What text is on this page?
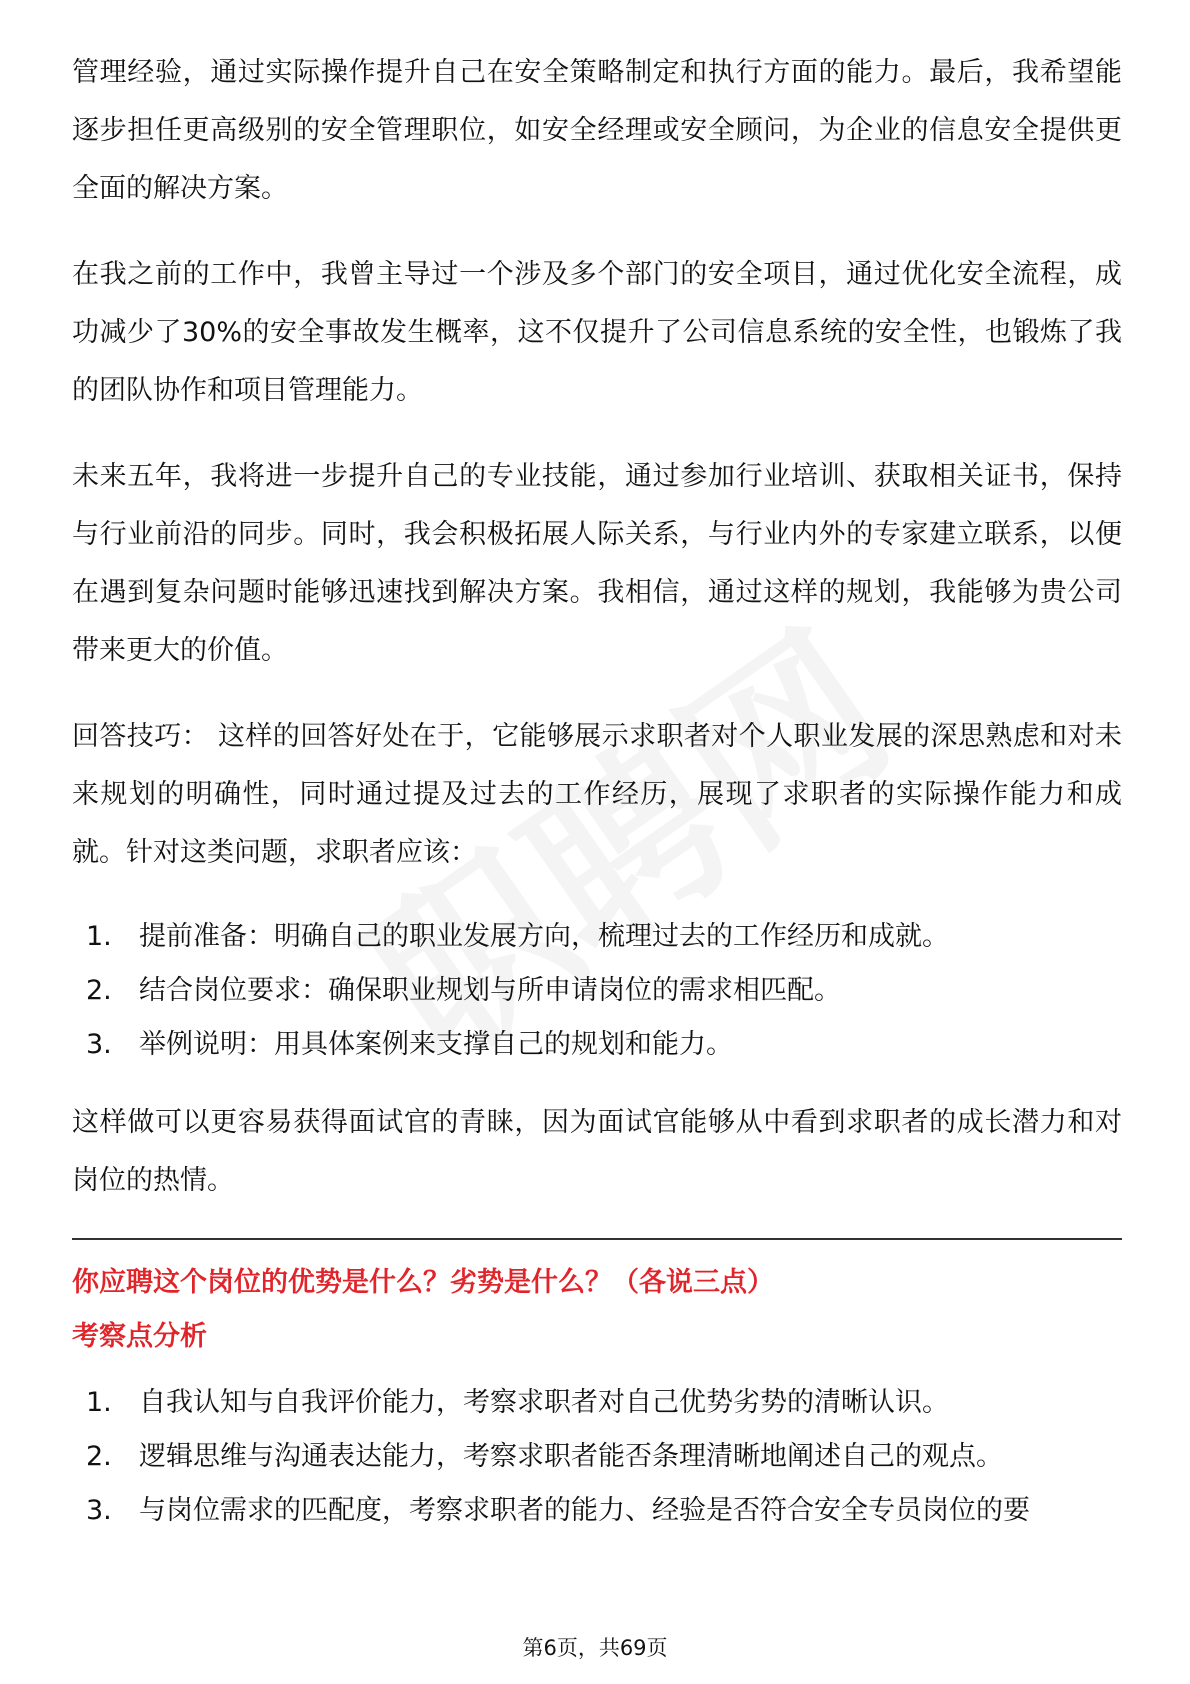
管理经验，通过实际操作提升自己在安全策略制定和执行方面的能力。最后，我希望能逐步担任更高级别的安全管理职位，如安全经理或安全顾问，为企业的信息安全提供更全面的解决方案。

在我之前的工作中，我曾主导过一个涉及多个部门的安全项目，通过优化安全流程，成功减少了30%的安全事故发生概率，这不仅提升了公司信息系统的安全性，也锻炼了我的团队协作和项目管理能力。

未来五年，我将进一步提升自己的专业技能，通过参加行业培训、获取相关证书，保持与行业前沿的同步。同时，我会积极拓展人际关系，与行业内外的专家建立联系，以便在遇到复杂问题时能够迅速找到解决方案。我相信，通过这样的规划，我能够为贵公司带来更大的价值。

回答技巧： 这样的回答好处在于，它能够展示求职者对个人职业发展的深思熟虑和对未来规划的明确性，同时通过提及过去的工作经历，展现了求职者的实际操作能力和成就。针对这类问题，求职者应该：

1.	提前准备：明确自己的职业发展方向，梳理过去的工作经历和成就。
2.	结合岗位要求：确保职业规划与所申请岗位的需求相匹配。
3.	举例说明：用具体案例来支撑自己的规划和能力。

这样做可以更容易获得面试官的青睐，因为面试官能够从中看到求职者的成长潜力和对岗位的热情。

你应聘这个岗位的优势是什么？劣势是什么？（各说三点）
考察点分析
1.	自我认知与自我评价能力，考察求职者对自己优势劣势的清晰认识。
2.	逻辑思维与沟通表达能力，考察求职者能否条理清晰地阐述自己的观点。
3.	与岗位需求的匹配度，考察求职者的能力、经验是否符合安全专员岗位的要
第6页，共69页
